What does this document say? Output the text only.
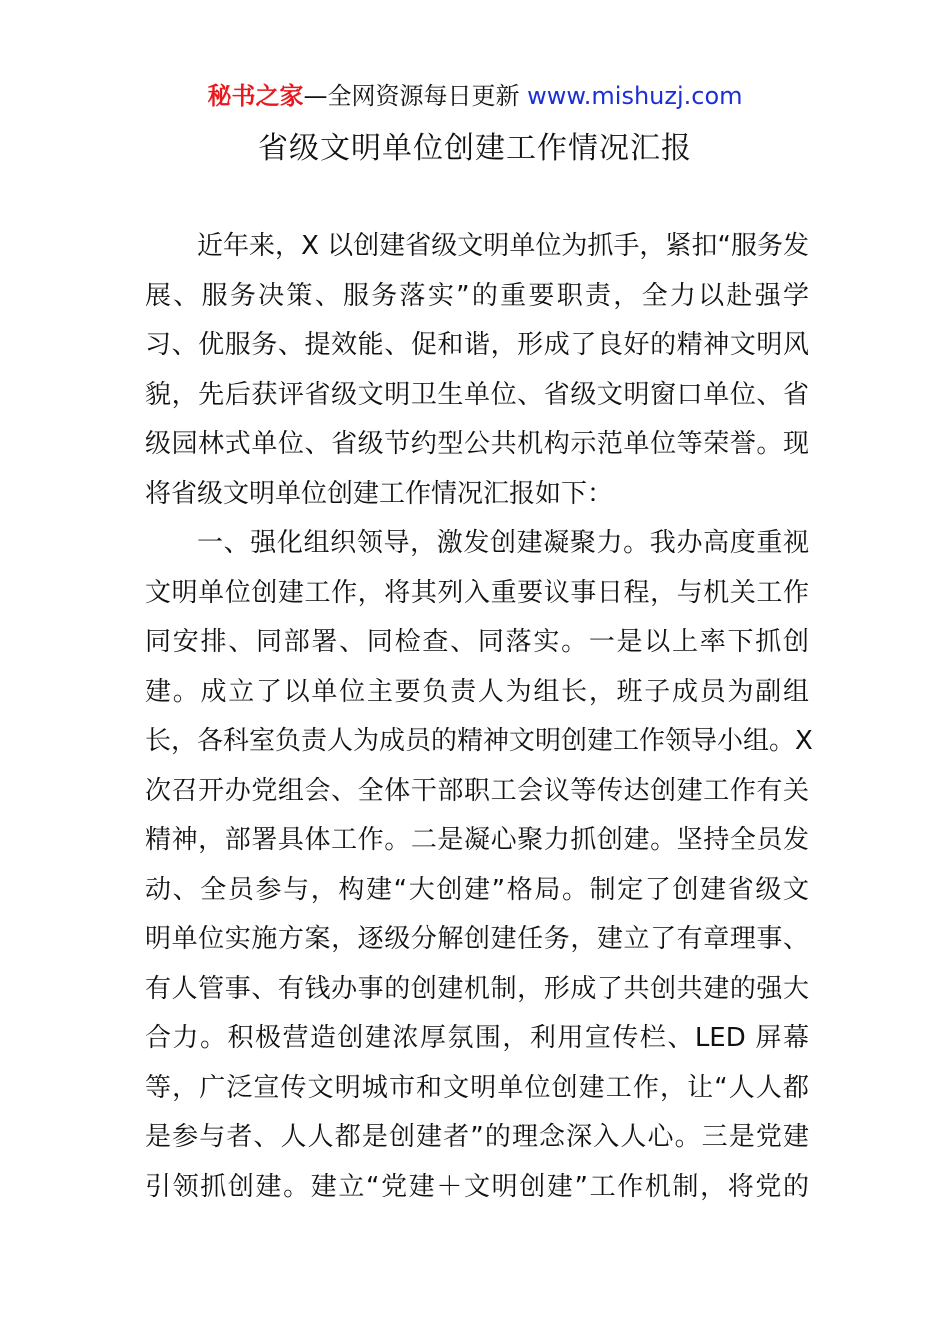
秘书之家—全网资源每日更新 www.mishuzj.com
省级文明单位创建工作情况汇报
近年来，X 以创建省级文明单位为抓手，紧扣“服务发
展、服务决策、服务落实”的重要职责，全力以赴强学
习、优服务、提效能、促和谐，形成了良好的精神文明风
貌，先后获评省级文明卫生单位、省级文明窗口单位、省
级园林式单位、省级节约型公共机构示范单位等荣誉。现
将省级文明单位创建工作情况汇报如下：
一、强化组织领导，激发创建凝聚力。我办高度重视
文明单位创建工作，将其列入重要议事日程，与机关工作
同安排、同部署、同检查、同落实。一是以上率下抓创
建。成立了以单位主要负责人为组长，班子成员为副组
长，各科室负责人为成员的精神文明创建工作领导小组。X
次召开办党组会、全体干部职工会议等传达创建工作有关
精神，部署具体工作。二是凝心聚力抓创建。坚持全员发
动、全员参与，构建“大创建”格局。制定了创建省级文
明单位实施方案，逐级分解创建任务，建立了有章理事、
有人管事、有钱办事的创建机制，形成了共创共建的强大
合力。积极营造创建浓厚氛围，利用宣传栏、LED 屏幕
等，广泛宣传文明城市和文明单位创建工作，让“人人都
是参与者、人人都是创建者”的理念深入人心。三是党建
引领抓创建。建立“党建＋文明创建”工作机制，将党的
